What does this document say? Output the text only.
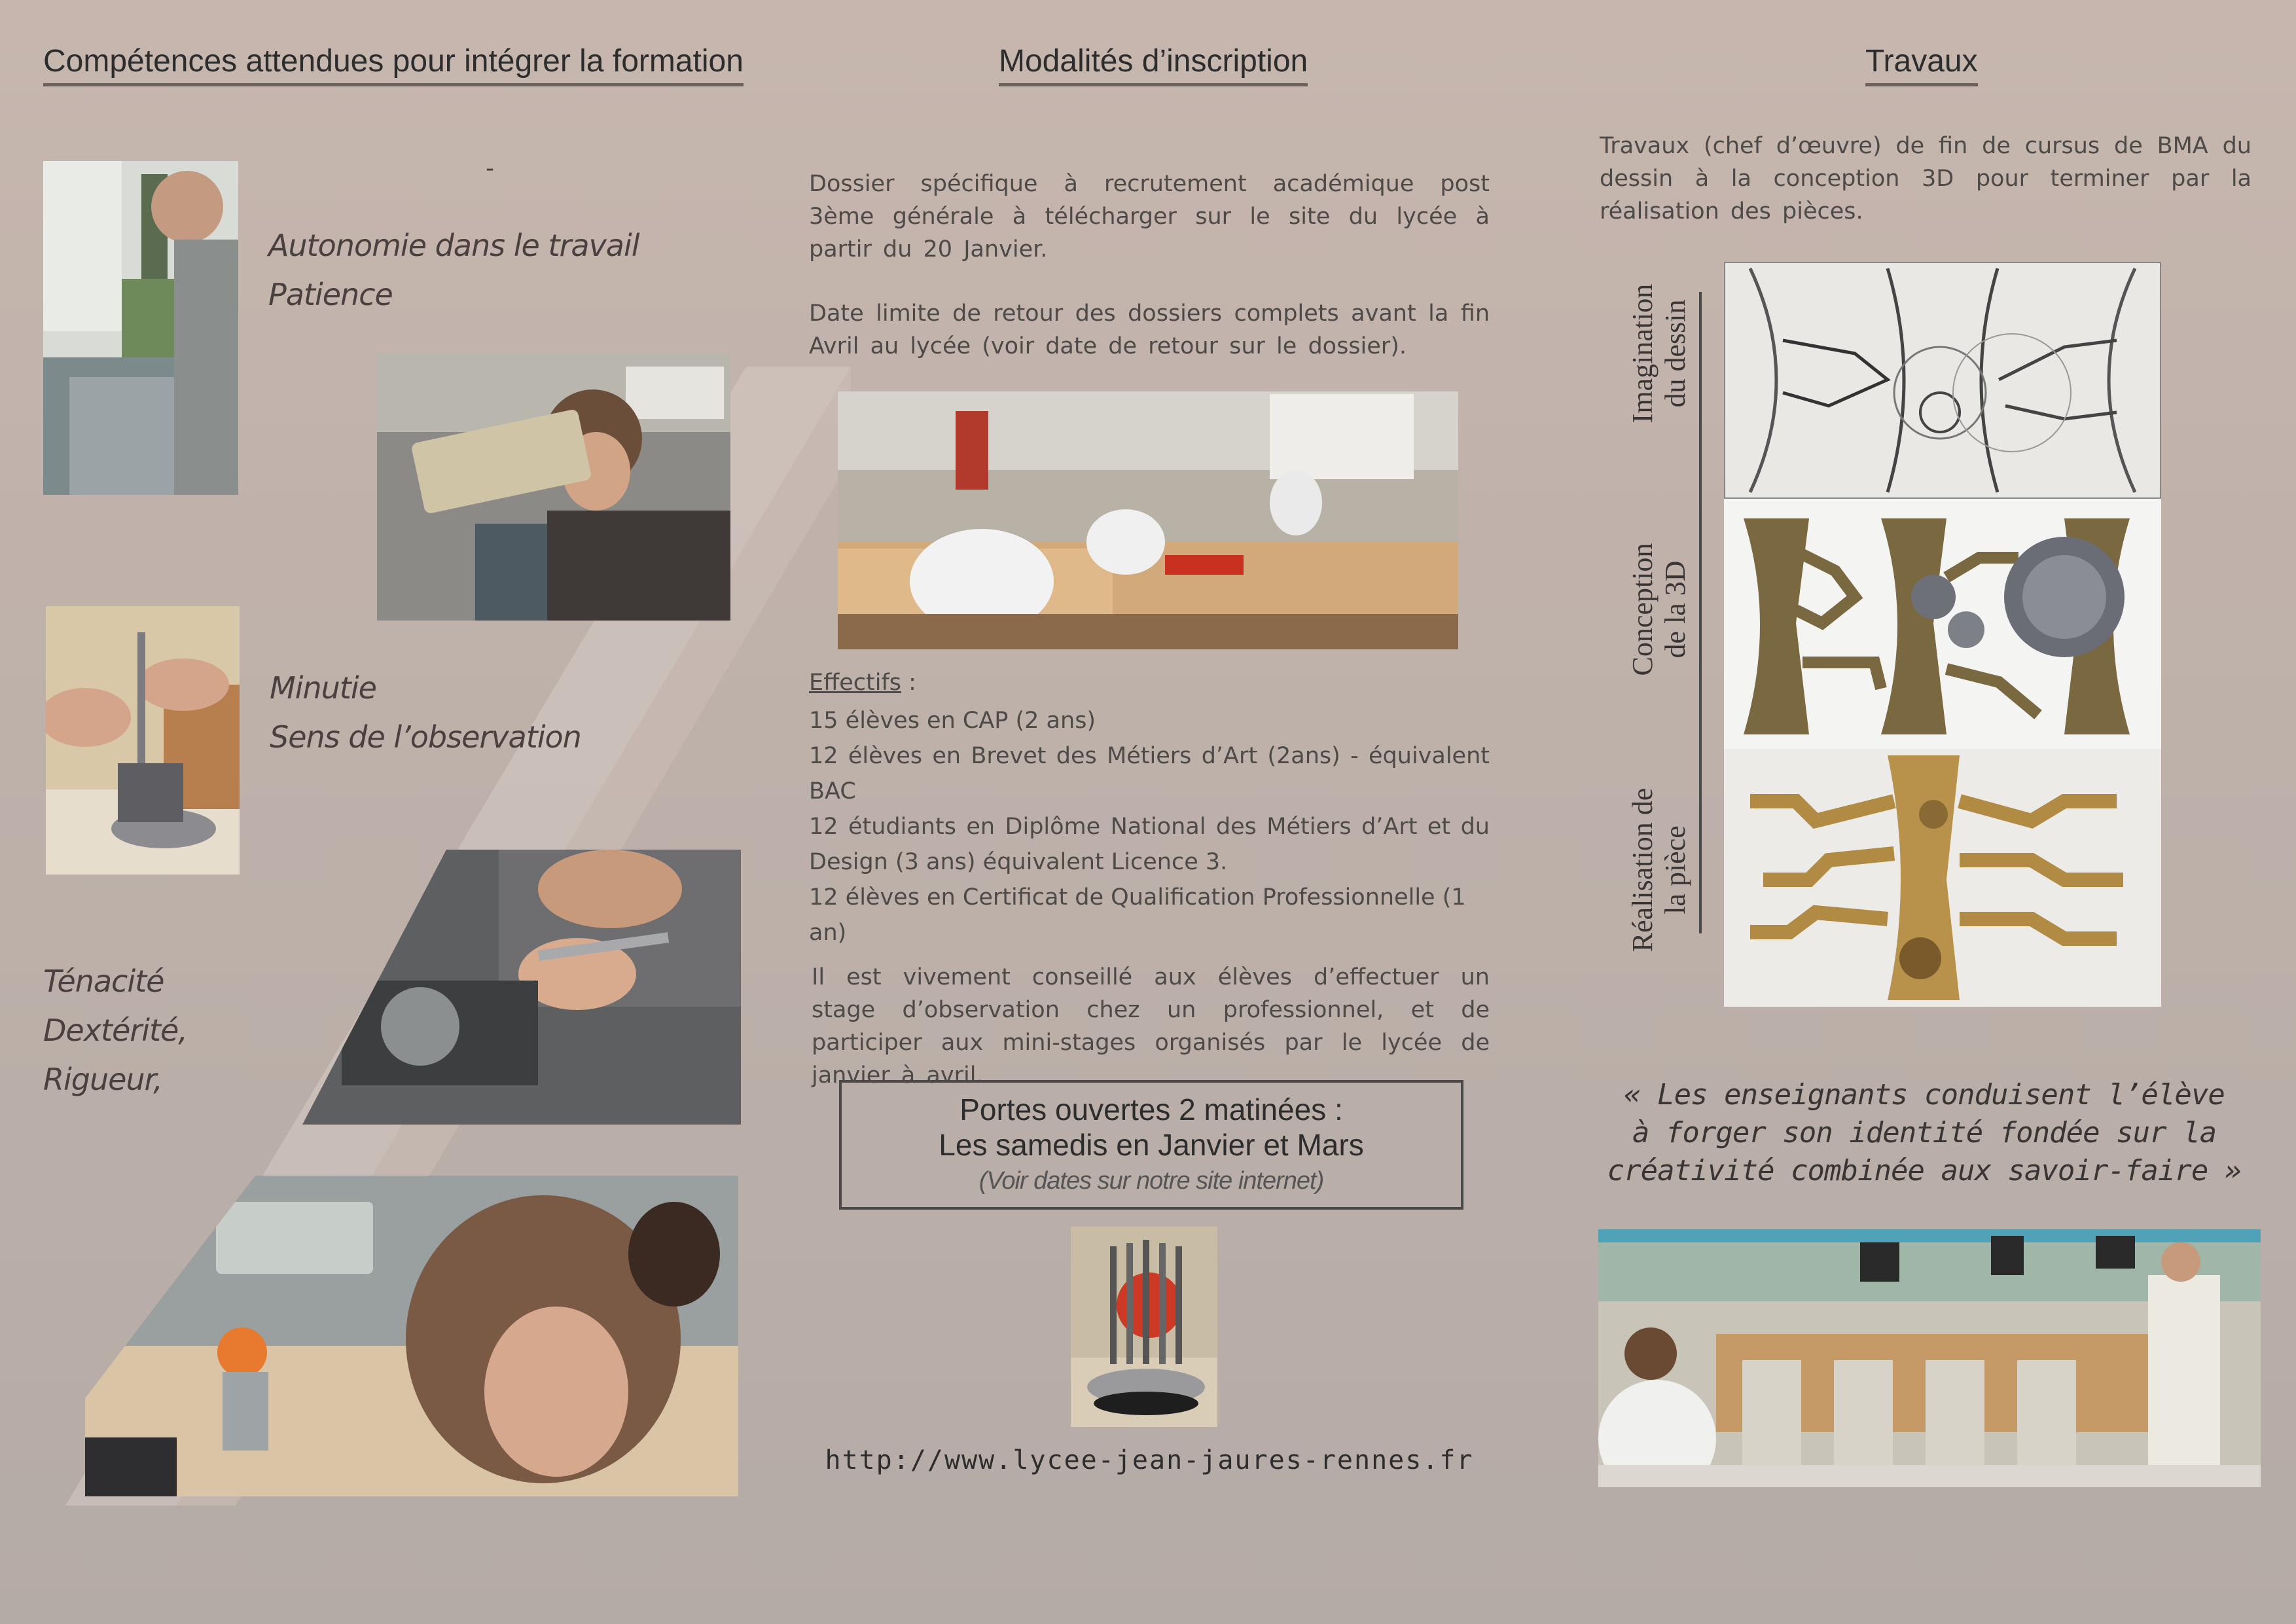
Compétences attendues pour intégrer la formation
-
Autonomie dans le travail
Patience
Minutie
Sens de l’observation
Ténacité
Dextérité,
Rigueur,
Modalités d’inscription

Dossier spécifique à recrutement académique post 3ème générale à télécharger sur le site du lycée à partir du 20 Janvier.

Date limite de retour des dossiers complets avant la fin Avril au lycée (voir date de retour sur le dossier).

Effectifs :
15 élèves en CAP (2 ans)
12 élèves en Brevet des Métiers d’Art (2ans) - équivalent BAC
12 étudiants en Diplôme National des Métiers d’Art et du Design (3 ans) équivalent Licence 3.
12 élèves en Certificat de Qualification Professionnelle (1 an)
Il est vivement conseillé aux élèves d’effectuer un stage d’observation chez un professionnel, et de participer aux mini-stages organisés par le lycée de janvier à avril.
Portes ouvertes 2 matinées :
Les samedis en Janvier et Mars
(Voir dates sur notre site internet)
http://www.lycee-jean-jaures-rennes.fr
Travaux
Travaux (chef d’œuvre) de fin de cursus de BMA du dessin à la conception 3D pour terminer par la réalisation des pièces.
Imagination du dessin
Conception de la 3D
Réalisation de la pièce
« Les enseignants conduisent l’élève
à forger son identité fondée sur la
créativité combinée aux savoir-faire »
